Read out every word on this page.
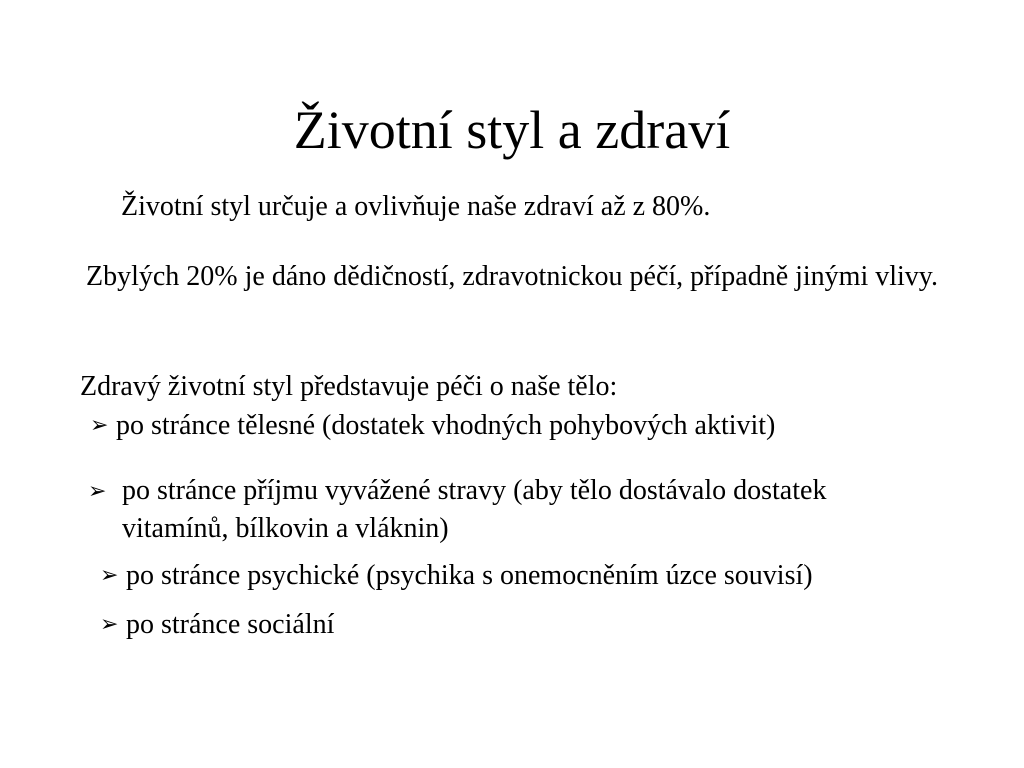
Životní styl a zdraví
Životní styl určuje a ovlivňuje naše zdraví až z 80%.
Zbylých 20% je dáno dědičností, zdravotnickou péčí, případně jinými vlivy.
Zdravý životní styl představuje péči o naše tělo:
➢ po stránce tělesné (dostatek vhodných pohybových aktivit)
➢ po stránce příjmu vyvážené stravy (aby tělo dostávalo dostatek vitamínů, bílkovin a vláknin)
➢ po stránce psychické (psychika s onemocněním úzce souvisí)
➢ po stránce sociální
